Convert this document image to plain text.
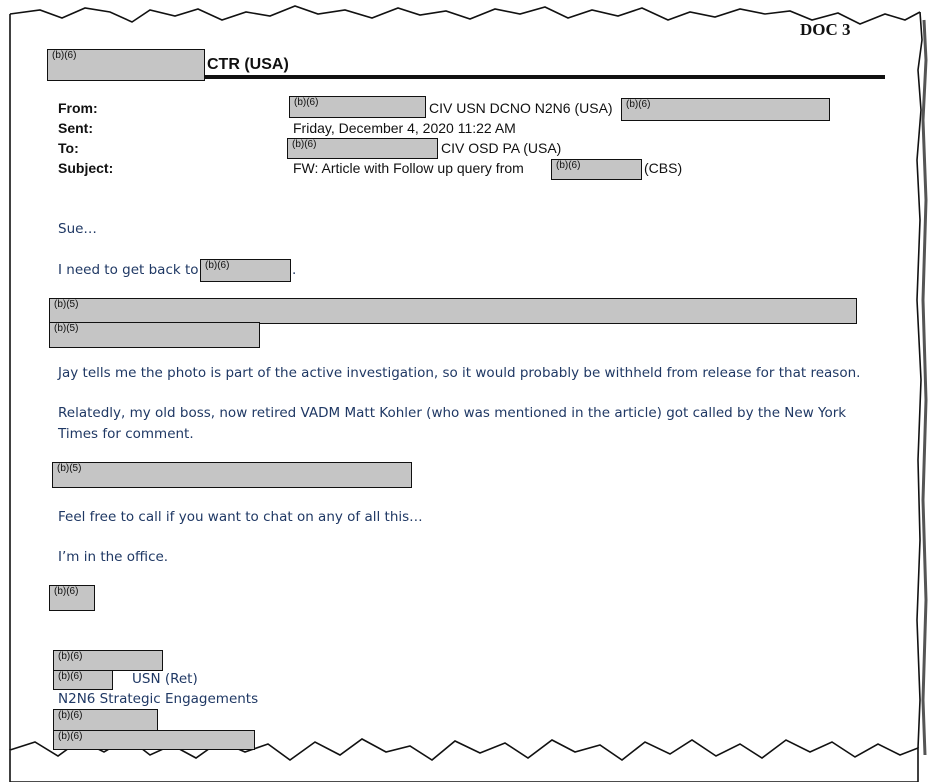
DOC 3
(b)(6)
CTR (USA)
From:	(b)(6)	CIV USN DCNO N2N6 (USA) (b)(6)
Sent:	Friday, December 4, 2020 11:22 AM
To:	(b)(6)	CIV OSD PA (USA)
Subject:	FW: Article with Follow up query from	(b)(6)	(CBS)
Sue…
I need to get back to (b)(6)	.
(b)(5)
(b)(5)
Jay tells me the photo is part of the active investigation, so it would probably be withheld from release for that reason.
Relatedly, my old boss, now retired VADM Matt Kohler (who was mentioned in the article) got called by the New York
Times for comment.
(b)(5)
Feel free to call if you want to chat on any of all this…
I’m in the office.
(b)(6)
(b)(6)
(b)(6)	USN (Ret)
N2N6 Strategic Engagements
(b)(6)
(b)(6)
